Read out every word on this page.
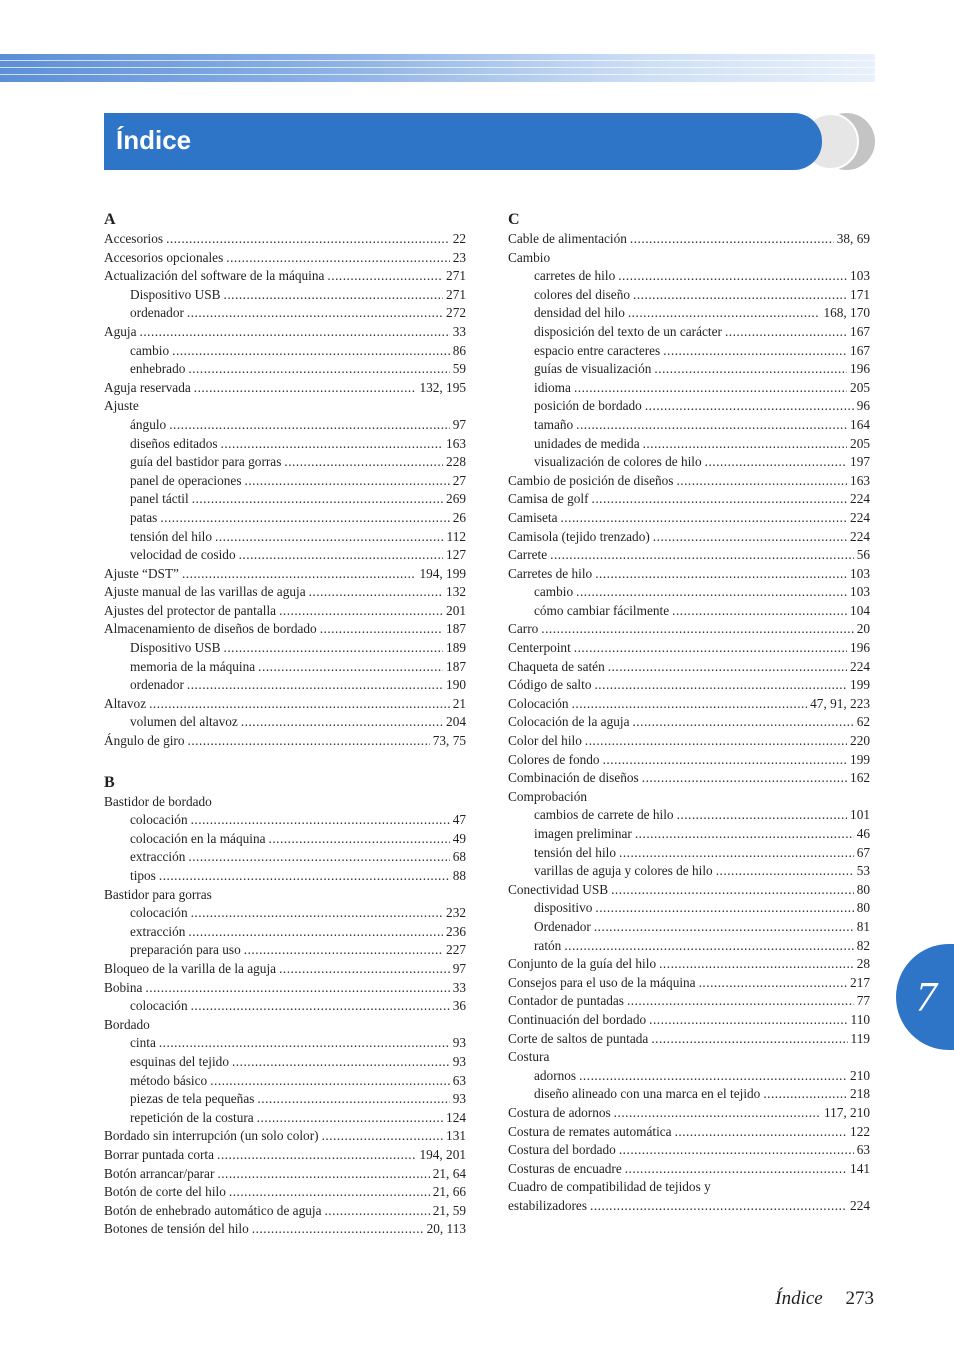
Índice
A
Accesorios .....	22
Accesorios opcionales .....	23
Actualización del software de la máquina .....	271
Dispositivo USB .....	271
ordenador .....	272
Aguja .....	33
cambio .....	86
enhebrado .....	59
Aguja reservada .....	132, 195
Ajuste
ángulo .....	97
diseños editados .....	163
guía del bastidor para gorras .....	228
panel de operaciones .....	27
panel táctil .....	269
patas .....	26
tensión del hilo .....	112
velocidad de cosido .....	127
Ajuste “DST” .....	194, 199
Ajuste manual de las varillas de aguja .....	132
Ajustes del protector de pantalla .....	201
Almacenamiento de diseños de bordado .....	187
Dispositivo USB .....	189
memoria de la máquina .....	187
ordenador .....	190
Altavoz .....	21
volumen del altavoz .....	204
Ángulo de giro .....	73, 75
B
Bastidor de bordado
colocación .....	47
colocación en la máquina .....	49
extracción .....	68
tipos .....	88
Bastidor para gorras
colocación .....	232
extracción .....	236
preparación para uso .....	227
Bloqueo de la varilla de la aguja .....	97
Bobina .....	33
colocación .....	36
Bordado
cinta .....	93
esquinas del tejido .....	93
método básico .....	63
piezas de tela pequeñas .....	93
repetición de la costura .....	124
Bordado sin interrupción (un solo color) .....	131
Borrar puntada corta .....	194, 201
Botón arrancar/parar .....	21, 64
Botón de corte del hilo .....	21, 66
Botón de enhebrado automático de aguja .....	21, 59
Botones de tensión del hilo .....	20, 113
C
Cable de alimentación .....	38, 69
Cambio
carretes de hilo .....	103
colores del diseño .....	171
densidad del hilo .....	168, 170
disposición del texto de un carácter .....	167
espacio entre caracteres .....	167
guías de visualización .....	196
idioma .....	205
posición de bordado .....	96
tamaño .....	164
unidades de medida .....	205
visualización de colores de hilo .....	197
Cambio de posición de diseños .....	163
Camisa de golf .....	224
Camiseta .....	224
Camisola (tejido trenzado) .....	224
Carrete .....	56
Carretes de hilo .....	103
cambio .....	103
cómo cambiar fácilmente .....	104
Carro .....	20
Centerpoint .....	196
Chaqueta de satén .....	224
Código de salto .....	199
Colocación .....	47, 91, 223
Colocación de la aguja .....	62
Color del hilo .....	220
Colores de fondo .....	199
Combinación de diseños .....	162
Comprobación
cambios de carrete de hilo .....	101
imagen preliminar .....	46
tensión del hilo .....	67
varillas de aguja y colores de hilo .....	53
Conectividad USB .....	80
dispositivo .....	80
Ordenador .....	81
ratón .....	82
Conjunto de la guía del hilo .....	28
Consejos para el uso de la máquina .....	217
Contador de puntadas .....	77
Continuación del bordado .....	110
Corte de saltos de puntada .....	119
Costura
adornos .....	210
diseño alineado con una marca en el tejido .....	218
Costura de adornos .....	117, 210
Costura de remates automática .....	122
Costura del bordado .....	63
Costuras de encuadre .....	141
Cuadro de compatibilidad de tejidos y
estabilizadores .....	224
7
Índice 273
